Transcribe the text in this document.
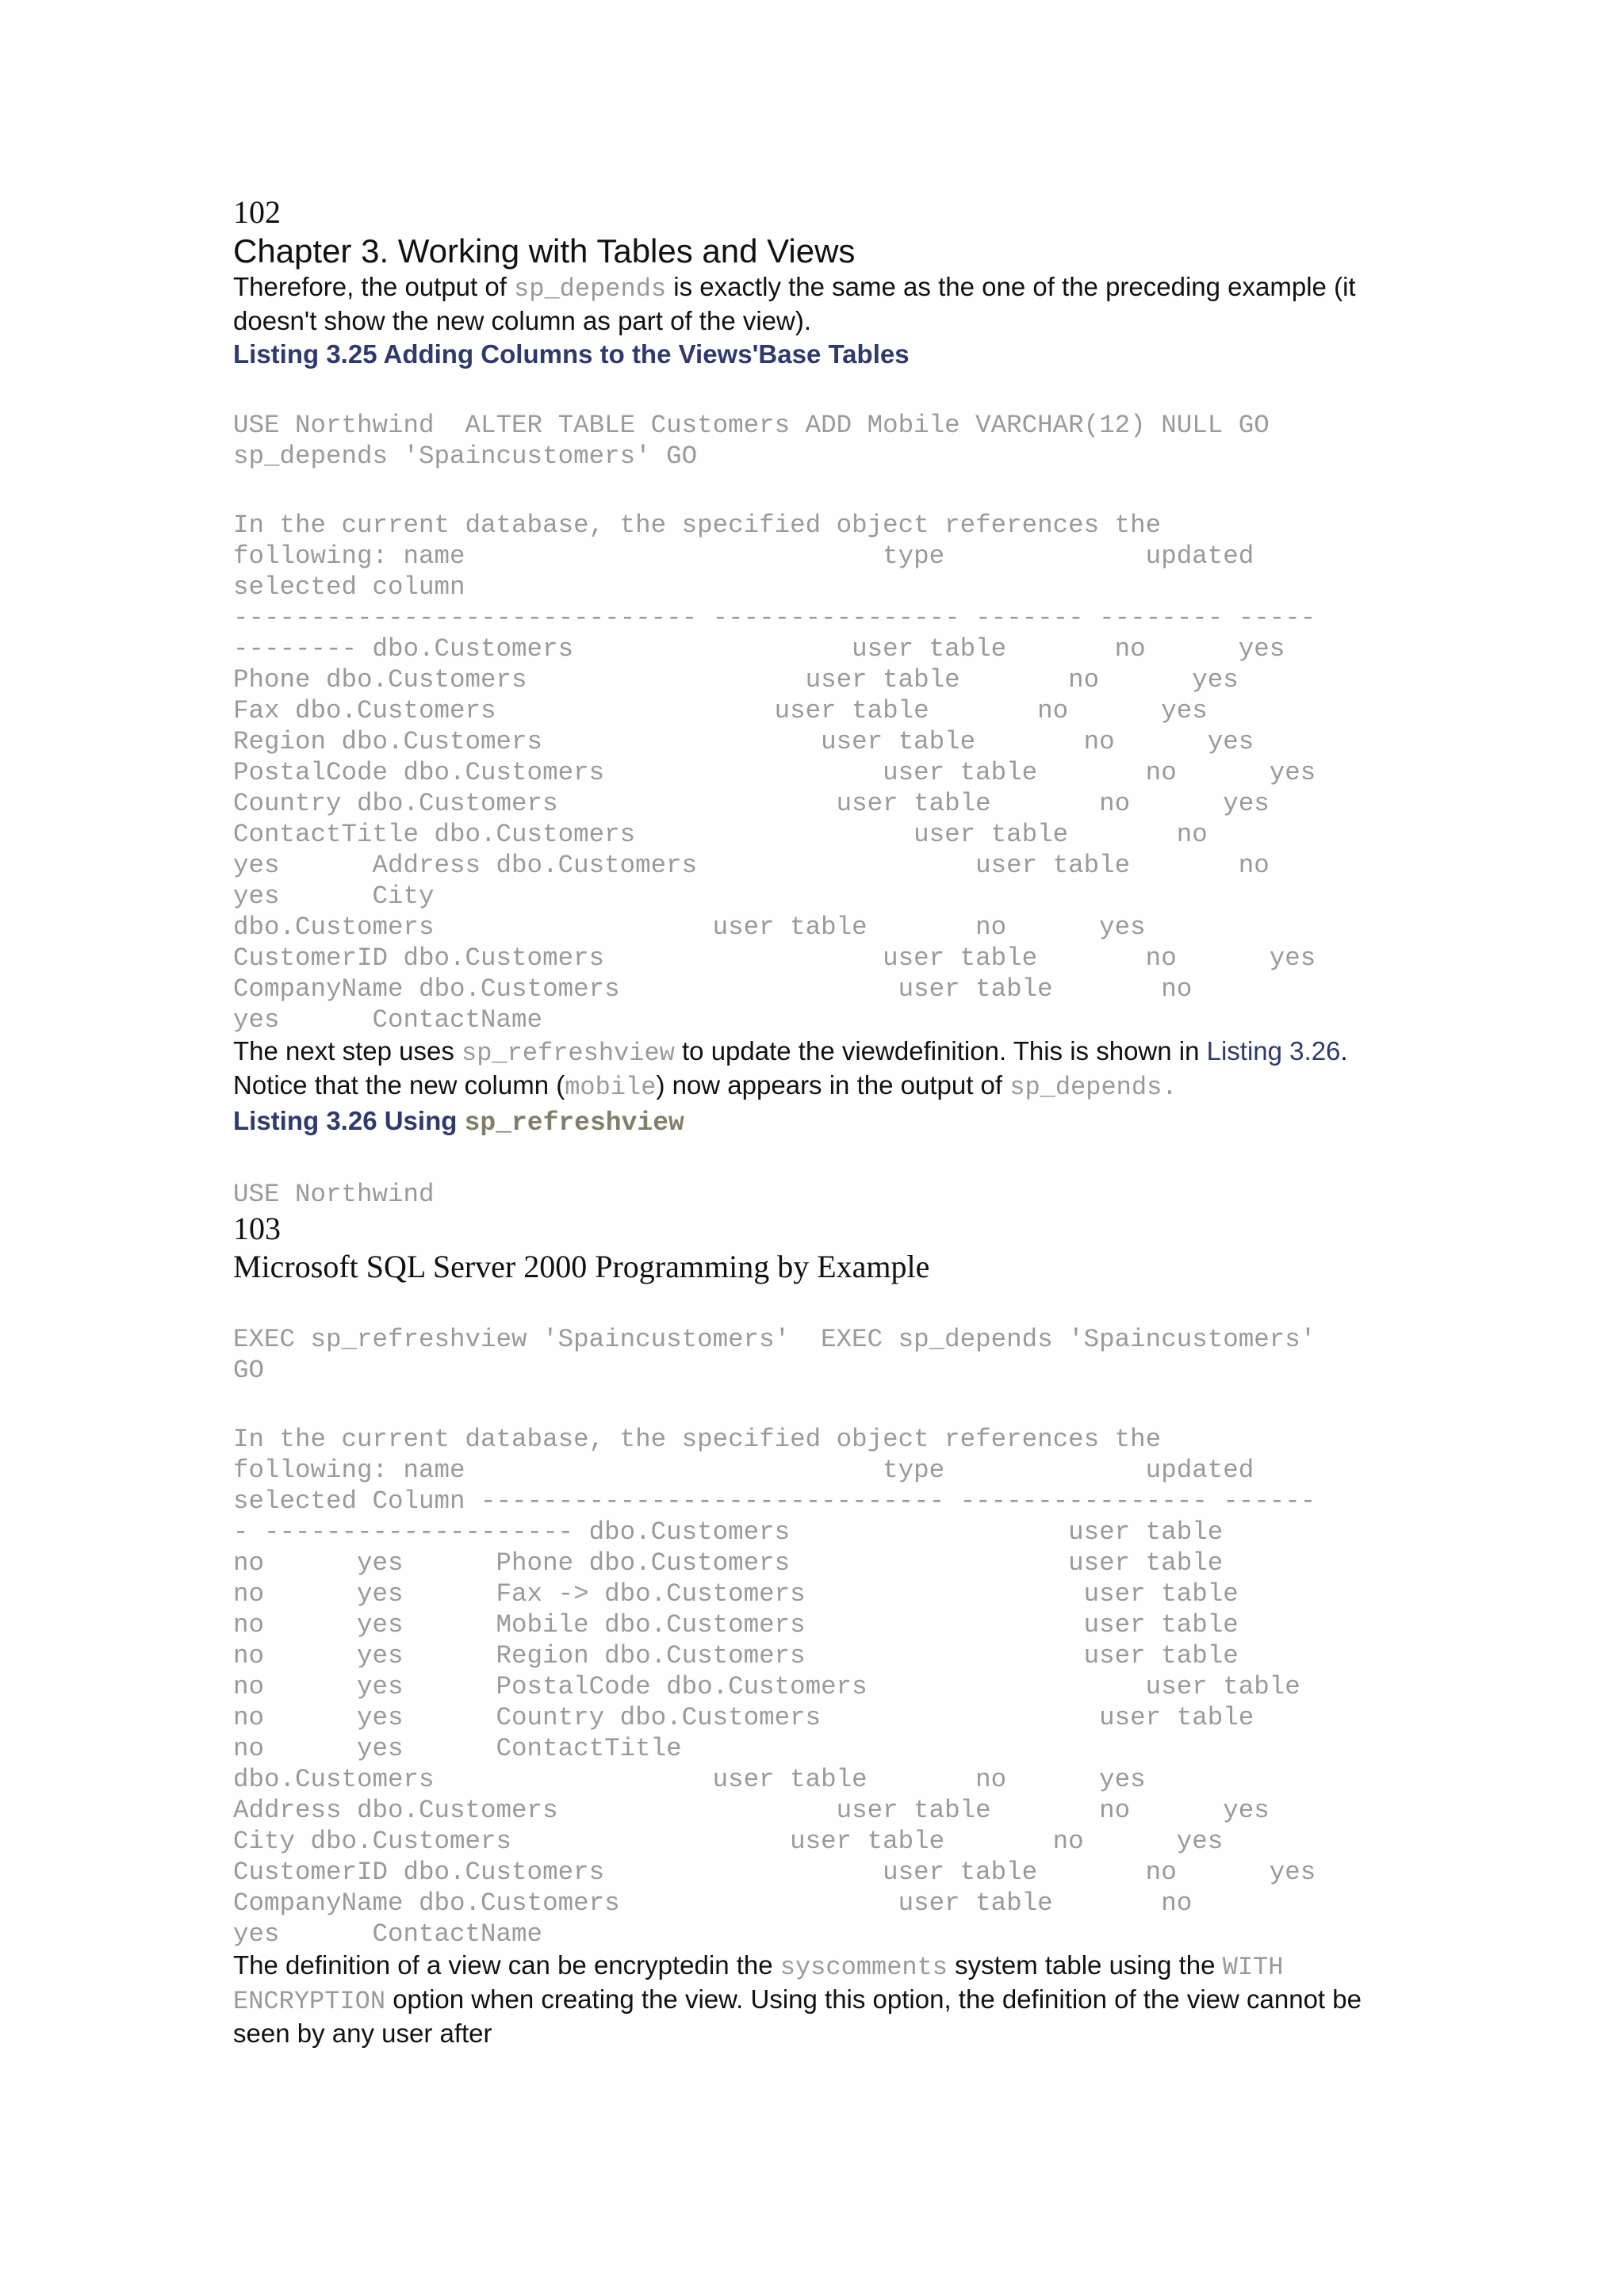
102
Chapter 3. Working with Tables and Views

Therefore, the output of sp_depends is exactly the same as the one of the preceding example (it doesn't show the new column as part of the view).

Listing 3.25 Adding Columns to the Views'Base Tables

USE Northwind  ALTER TABLE Customers ADD Mobile VARCHAR(12) NULL GO
sp_depends 'Spaincustomers' GO
In the current database, the specified object references the
following: name                           type             updated
selected column
------------------------------ ---------------- ------- -------- -----
-------- dbo.Customers                  user table       no      yes
Phone dbo.Customers                  user table       no      yes
Fax dbo.Customers                  user table       no      yes
Region dbo.Customers                  user table       no      yes
PostalCode dbo.Customers                  user table       no      yes
Country dbo.Customers                  user table       no      yes
ContactTitle dbo.Customers                  user table       no
yes      Address dbo.Customers                  user table       no
yes      City
dbo.Customers                  user table       no      yes
CustomerID dbo.Customers                  user table       no      yes
CompanyName dbo.Customers                  user table       no
yes      ContactName

The next step uses sp_refreshview to update the viewdefinition. This is shown in Listing 3.26. Notice that the new column (mobile) now appears in the output of sp_depends.

Listing 3.26 Using sp_refreshview

USE Northwind
103
Microsoft SQL Server 2000 Programming by Example
EXEC sp_refreshview 'Spaincustomers'  EXEC sp_depends 'Spaincustomers'
GO
In the current database, the specified object references the
following: name                           type             updated
selected Column ------------------------------ ---------------- ------
- -------------------- dbo.Customers                  user table
no      yes      Phone dbo.Customers                  user table
no      yes      Fax -> dbo.Customers                  user table
no      yes      Mobile dbo.Customers                  user table
no      yes      Region dbo.Customers                  user table
no      yes      PostalCode dbo.Customers                  user table
no      yes      Country dbo.Customers                  user table
no      yes      ContactTitle
dbo.Customers                  user table       no      yes
Address dbo.Customers                  user table       no      yes
City dbo.Customers                  user table       no      yes
CustomerID dbo.Customers                  user table       no      yes
CompanyName dbo.Customers                  user table       no
yes      ContactName

The definition of a view can be encryptedin the syscomments system table using the WITH ENCRYPTION option when creating the view. Using this option, the definition of the view cannot be seen by any user after
